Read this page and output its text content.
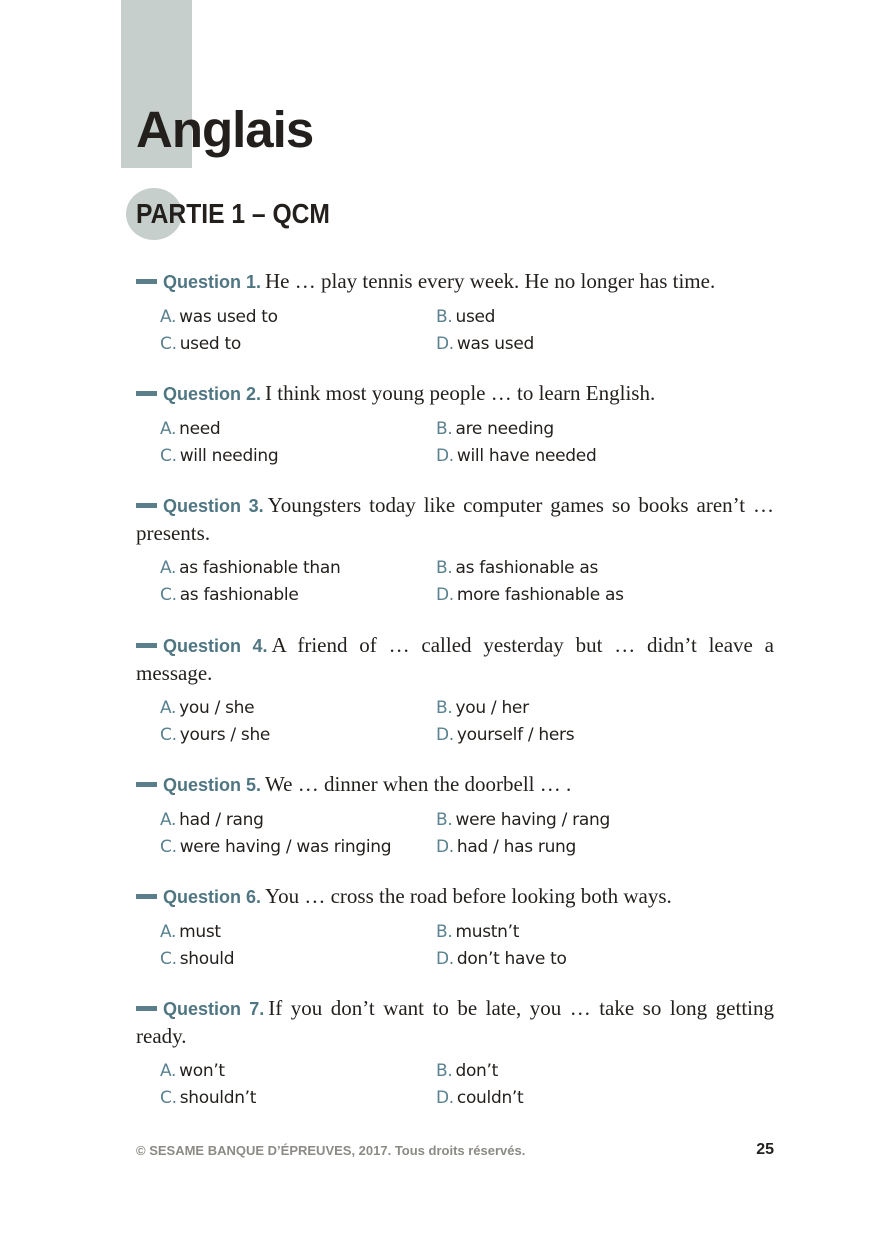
Anglais
PARTIE 1 – QCM

Question 1. He … play tennis every week. He no longer has time.

A. was used to	B. used
C. used to	D. was used

Question 2. I think most young people … to learn English.

A. need	B. are needing
C. will needing	D. will have needed

Question 3. Youngsters today like computer games so books aren’t … presents.

A. as fashionable than	B. as fashionable as
C. as fashionable	D. more fashionable as

Question 4. A friend of … called yesterday but … didn’t leave a message.

A. you / she	B. you / her
C. yours / she	D. yourself / hers

Question 5. We … dinner when the doorbell … .

A. had / rang	B. were having / rang
C. were having / was ringing	D. had / has rung

Question 6. You … cross the road before looking both ways.

A. must	B. mustn’t
C. should	D. don’t have to

Question 7. If you don’t want to be late, you … take so long getting ready.

A. won’t	B. don’t
C. shouldn’t	D. couldn’t
© SESAME BANQUE D’ÉPREUVES, 2017. Tous droits réservés.	25
